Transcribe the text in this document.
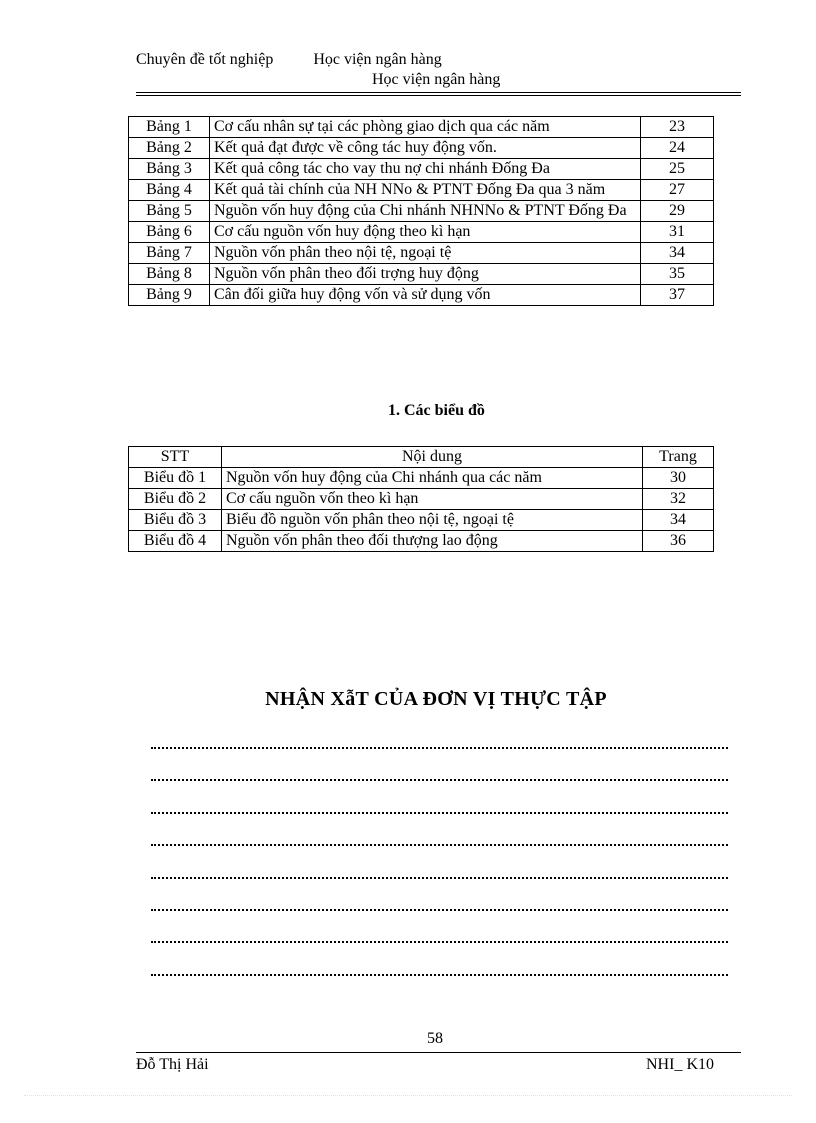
Chuyên đề tốt nghiệp	Học viện ngân hàng
Học viện ngân hàng
Bảng 1	Cơ cấu nhân sự tại các phòng giao dịch qua các năm	23
Bảng 2	Kết quả đạt được về công tác huy động vốn.	24
Bảng 3	Kết quả công tác cho vay thu nợ chi nhánh Đống Đa	25
Bảng 4	Kết quả tài chính của NH NNo & PTNT Đống Đa qua 3 năm	27
Bảng 5	Nguồn vốn huy động của Chi nhánh NHNNo & PTNT Đống Đa	29
Bảng 6	Cơ cấu nguồn vốn huy động theo kì hạn	31
Bảng 7	Nguồn vốn phân theo nội tệ, ngoại tệ	34
Bảng 8	Nguồn vốn phân theo đối trợng huy động	35
Bảng 9	Cân đối giữa huy động vốn và sử dụng vốn	37
1. Các biểu đồ
STT	Nội dung	Trang
Biểu đồ 1	Nguồn vốn huy động của Chi nhánh qua các năm	30
Biểu đồ 2	Cơ cấu nguồn vốn theo kì hạn	32
Biểu đồ 3	Biểu đồ nguồn vốn phân theo nội tệ, ngoại tệ	34
Biểu đồ 4	Nguồn vốn phân theo đối thượng lao động	36
NHẬN XẫT CỦA ĐƠN VỊ THỰC TẬP
58
Đỗ Thị Hải	NHI_ K10
